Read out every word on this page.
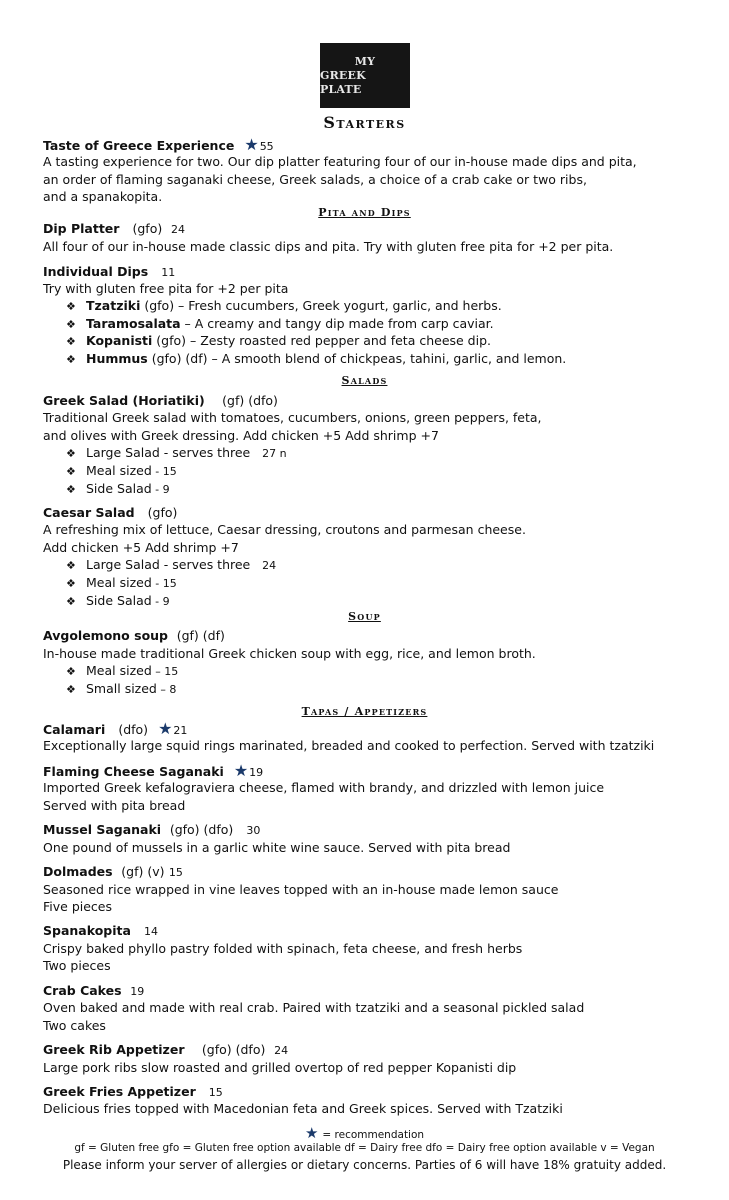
MY
GREEK PLATE
Starters
Taste of Greece Experience ★55
A tasting experience for two. Our dip platter featuring four of our in-house made dips and pita,
an order of flaming saganaki cheese, Greek salads, a choice of a crab cake or two ribs,
and a spanakopita.
Pita and Dips
Dip Platter (gfo) 24
All four of our in-house made classic dips and pita. Try with gluten free pita for +2 per pita.
Individual Dips 11
Try with gluten free pita for +2 per pita
❖ Tzatziki (gfo) – Fresh cucumbers, Greek yogurt, garlic, and herbs.
❖ Taramosalata – A creamy and tangy dip made from carp caviar.
❖ Kopanisti (gfo) – Zesty roasted red pepper and feta cheese dip.
❖ Hummus (gfo) (df) – A smooth blend of chickpeas, tahini, garlic, and lemon.
Salads
Greek Salad (Horiatiki) (gf) (dfo)
Traditional Greek salad with tomatoes, cucumbers, onions, green peppers, feta,
and olives with Greek dressing. Add chicken +5 Add shrimp +7
❖ Large Salad - serves three 27 n
❖ Meal sized - 15
❖ Side Salad - 9
Caesar Salad (gfo)
A refreshing mix of lettuce, Caesar dressing, croutons and parmesan cheese.
Add chicken +5 Add shrimp +7
❖ Large Salad - serves three 24
❖ Meal sized - 15
❖ Side Salad - 9
Soup
Avgolemono soup (gf) (df)
In-house made traditional Greek chicken soup with egg, rice, and lemon broth.
❖ Meal sized – 15
❖ Small sized – 8
Tapas / Appetizers
Calamari (dfo) ★21
Exceptionally large squid rings marinated, breaded and cooked to perfection. Served with tzatziki
Flaming Cheese Saganaki ★19
Imported Greek kefalograviera cheese, flamed with brandy, and drizzled with lemon juice
Served with pita bread
Mussel Saganaki (gfo) (dfo) 30
One pound of mussels in a garlic white wine sauce. Served with pita bread
Dolmades (gf) (v) 15
Seasoned rice wrapped in vine leaves topped with an in-house made lemon sauce
Five pieces
Spanakopita 14
Crispy baked phyllo pastry folded with spinach, feta cheese, and fresh herbs
Two pieces
Crab Cakes 19
Oven baked and made with real crab. Paired with tzatziki and a seasonal pickled salad
Two cakes
Greek Rib Appetizer (gfo) (dfo) 24
Large pork ribs slow roasted and grilled overtop of red pepper Kopanisti dip
Greek Fries Appetizer 15
Delicious fries topped with Macedonian feta and Greek spices. Served with Tzatziki
★ = recommendation
gf = Gluten free gfo = Gluten free option available df = Dairy free dfo = Dairy free option available v = Vegan
Please inform your server of allergies or dietary concerns. Parties of 6 will have 18% gratuity added.
